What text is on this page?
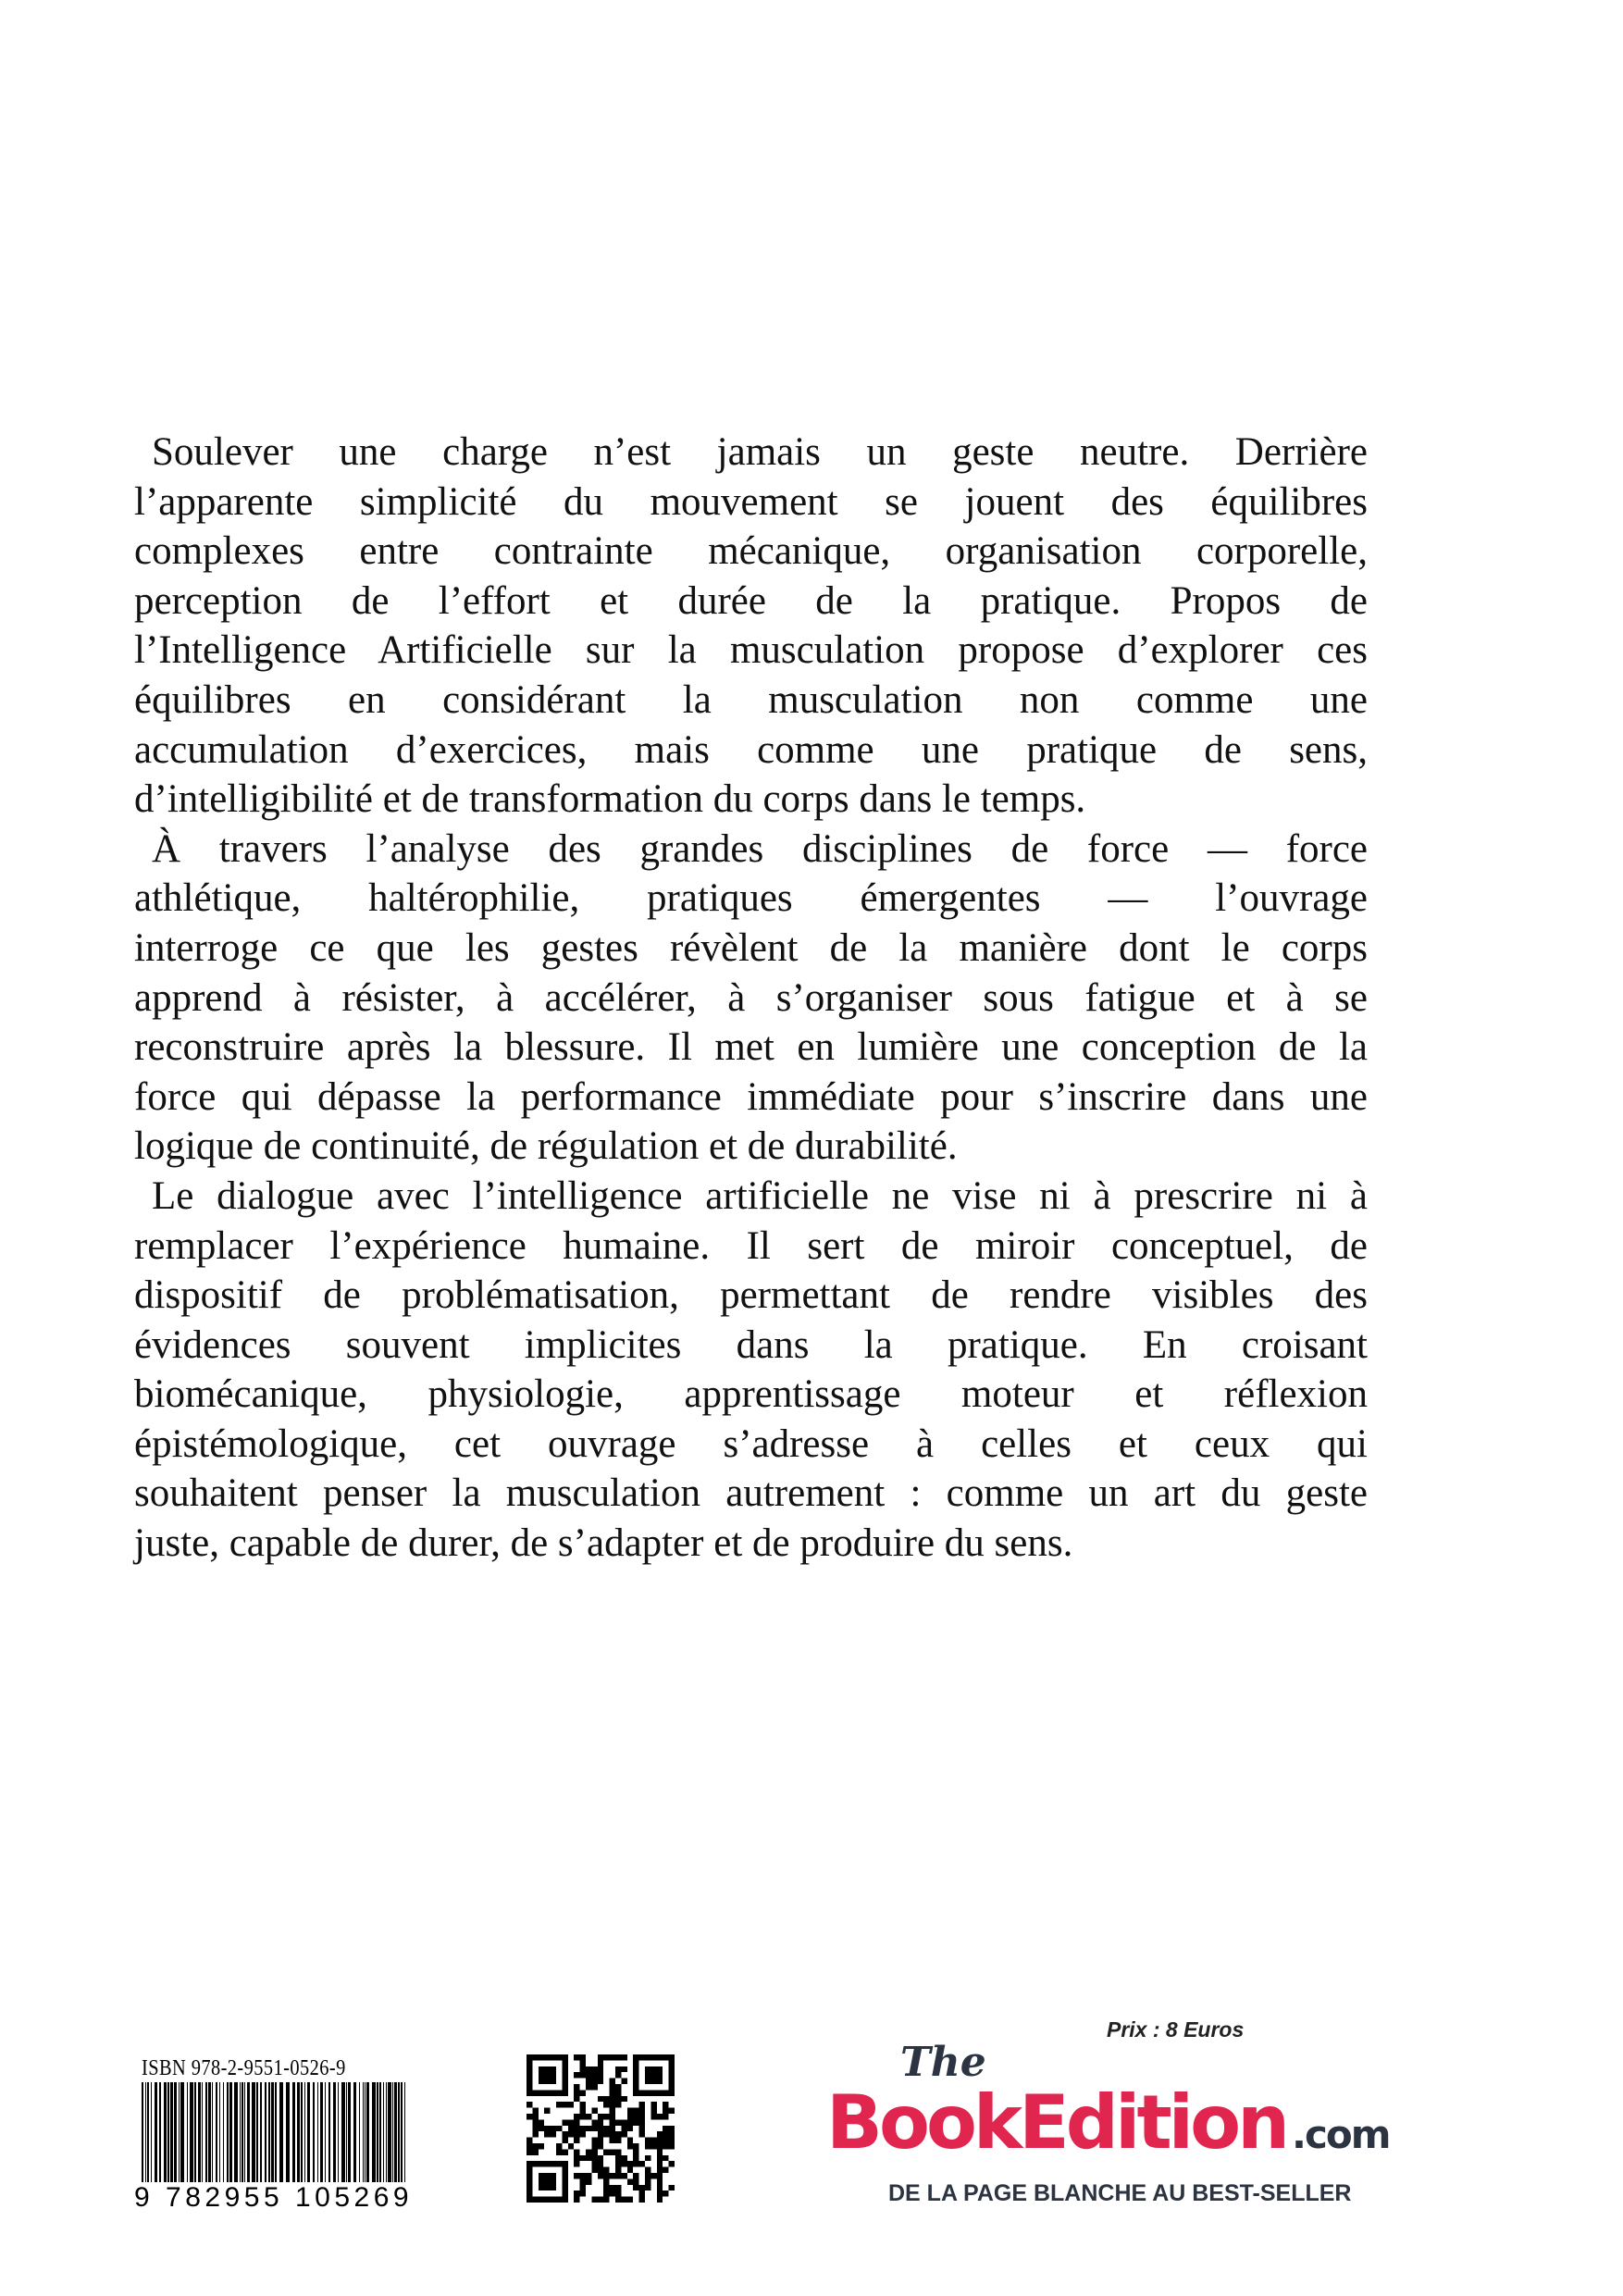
Soulever une charge n’est jamais un geste neutre. Derrière
l’apparente simplicité du mouvement se jouent des équilibres
complexes entre contrainte mécanique, organisation corporelle,
perception de l’effort et durée de la pratique. Propos de
l’Intelligence Artificielle sur la musculation propose d’explorer ces
équilibres en considérant la musculation non comme une
accumulation d’exercices, mais comme une pratique de sens,
d’intelligibilité et de transformation du corps dans le temps.
À travers l’analyse des grandes disciplines de force — force
athlétique, haltérophilie, pratiques émergentes — l’ouvrage
interroge ce que les gestes révèlent de la manière dont le corps
apprend à résister, à accélérer, à s’organiser sous fatigue et à se
reconstruire après la blessure. Il met en lumière une conception de la
force qui dépasse la performance immédiate pour s’inscrire dans une
logique de continuité, de régulation et de durabilité.
Le dialogue avec l’intelligence artificielle ne vise ni à prescrire ni à
remplacer l’expérience humaine. Il sert de miroir conceptuel, de
dispositif de problématisation, permettant de rendre visibles des
évidences souvent implicites dans la pratique. En croisant
biomécanique, physiologie, apprentissage moteur et réflexion
épistémologique, cet ouvrage s’adresse à celles et ceux qui
souhaitent penser la musculation autrement : comme un art du geste
juste, capable de durer, de s’adapter et de produire du sens.
ISBN 978-2-9551-0526-9
9 782955 105269
Prix : 8 Euros
The
BookEdition .com
DE LA PAGE BLANCHE AU BEST-SELLER
